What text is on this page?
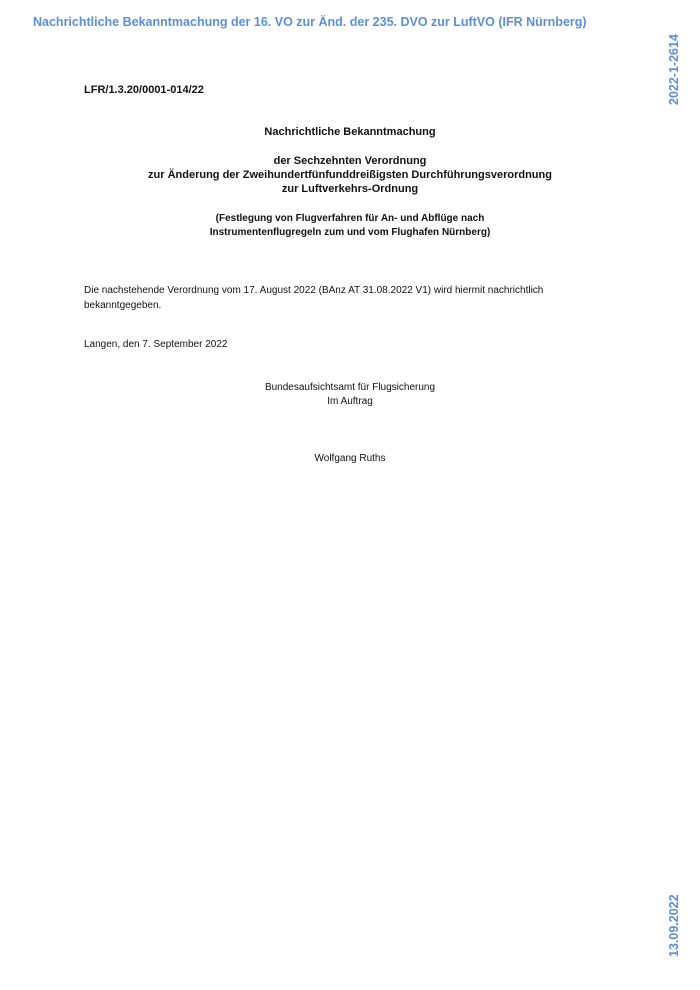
Nachrichtliche Bekanntmachung der 16. VO zur Änd. der 235. DVO zur LuftVO (IFR Nürnberg)
2022-1-2614
13.09.2022
LFR/1.3.20/0001-014/22
Nachrichtliche Bekanntmachung
der Sechzehnten Verordnung
zur Änderung der Zweihundertfünfunddreißigsten Durchführungsverordnung
zur Luftverkehrs-Ordnung
(Festlegung von Flugverfahren für An- und Abflüge nach
Instrumentenflugregeln zum und vom Flughafen Nürnberg)
Die nachstehende Verordnung vom 17. August 2022 (BAnz AT 31.08.2022 V1) wird hiermit nachrichtlich bekanntgegeben.
Langen, den 7. September 2022
Bundesaufsichtsamt für Flugsicherung
Im Auftrag
Wolfgang Ruths
